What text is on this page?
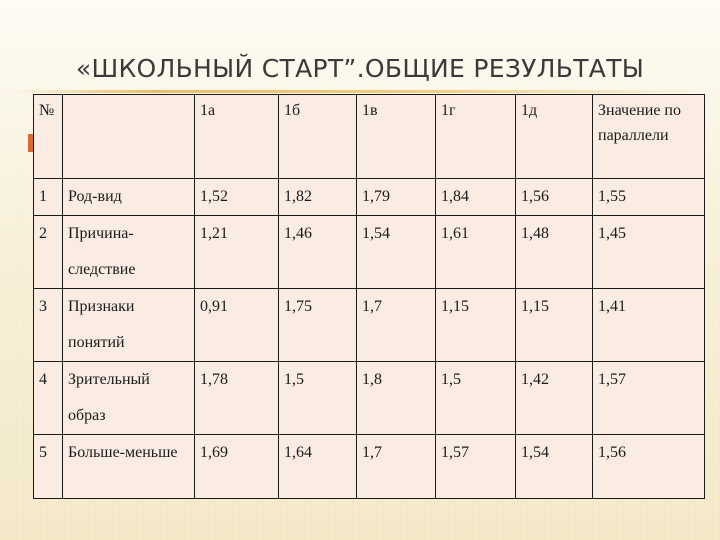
«ШКОЛЬНЫЙ СТАРТ”.ОБЩИЕ РЕЗУЛЬТАТЫ
№		1а	1б	1в	1г	1д	Значение по параллели
1	Род-вид	1,52	1,82	1,79	1,84	1,56	1,55
2	Причина-следствие	1,21	1,46	1,54	1,61	1,48	1,45
3	Признаки понятий	0,91	1,75	1,7	1,15	1,15	1,41
4	Зрительный образ	1,78	1,5	1,8	1,5	1,42	1,57
5	Больше-меньше	1,69	1,64	1,7	1,57	1,54	1,56
